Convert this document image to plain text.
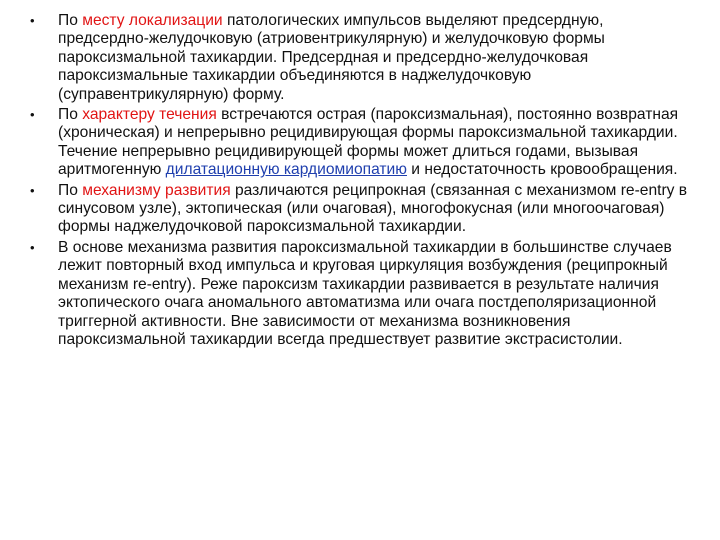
• По месту локализации патологических импульсов выделяют предсердную, предсердно-желудочковую (атриовентрикулярную) и желудочковую формы пароксизмальной тахикардии. Предсердная и предсердно-желудочковая пароксизмальные тахикардии объединяются в наджелудочковую (суправентрикулярную) форму.
• По характеру течения встречаются острая (пароксизмальная), постоянно возвратная (хроническая) и непрерывно рецидивирующая формы пароксизмальной тахикардии. Течение непрерывно рецидивирующей формы может длиться годами, вызывая аритмогенную дилатационную кардиомиопатию и недостаточность кровообращения.
• По механизму развития различаются реципрокная (связанная с механизмом re-entry в синусовом узле), эктопическая (или очаговая), многофокусная (или многоочаговая) формы наджелудочковой пароксизмальной тахикардии.
• В основе механизма развития пароксизмальной тахикардии в большинстве случаев лежит повторный вход импульса и круговая циркуляция возбуждения (реципрокный механизм re-entry). Реже пароксизм тахикардии развивается в результате наличия эктопического очага аномального автоматизма или очага постдеполяризационной триггерной активности. Вне зависимости от механизма возникновения пароксизмальной тахикардии всегда предшествует развитие экстрасистолии.
